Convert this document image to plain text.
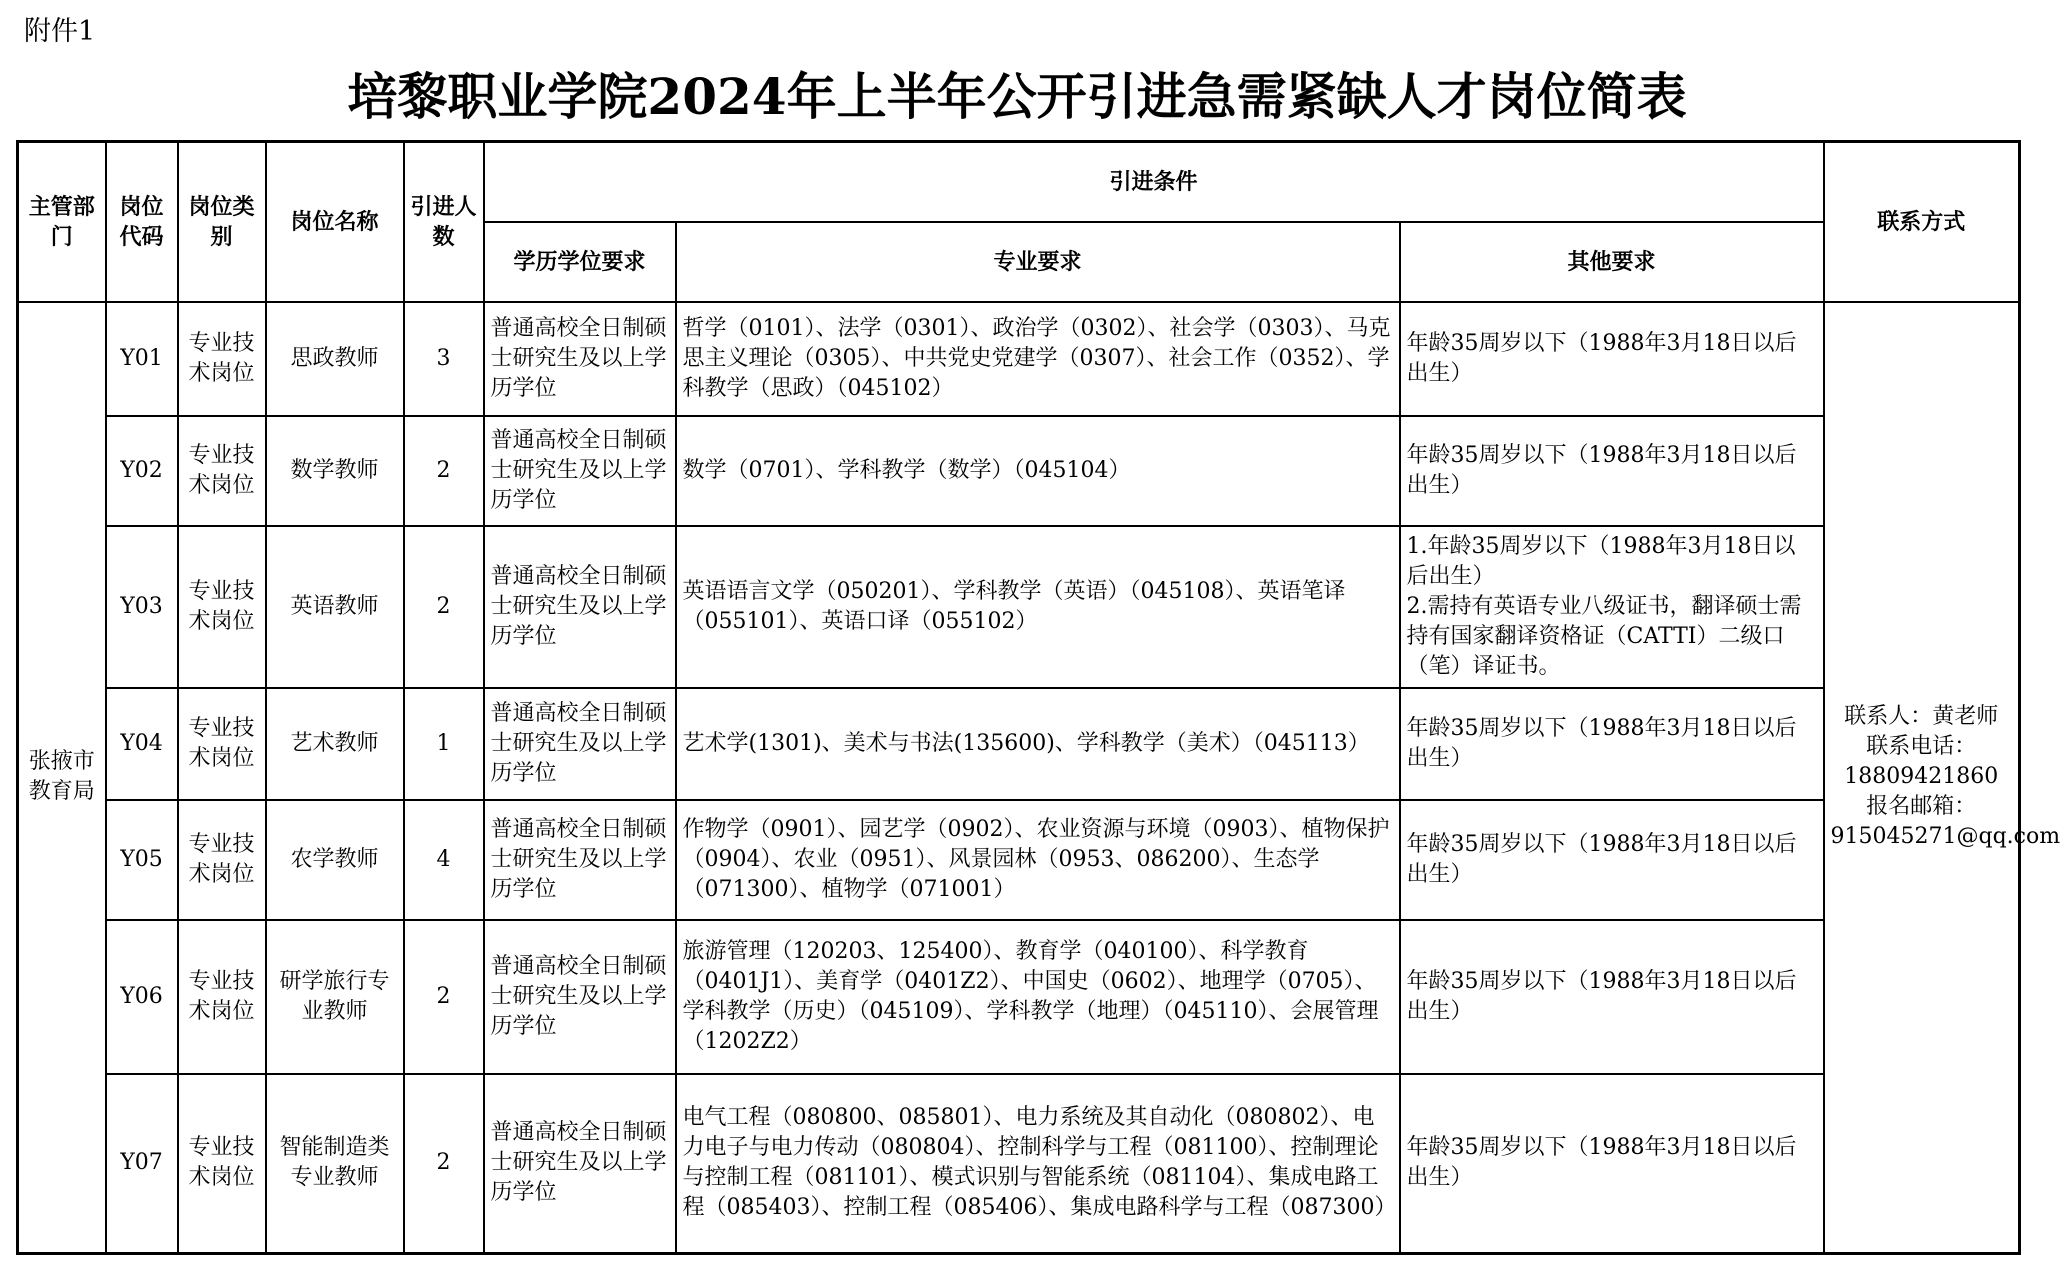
附件1
培黎职业学院2024年上半年公开引进急需紧缺人才岗位简表
主管部门	岗位代码	岗位类别	岗位名称	引进人数	引进条件			联系方式
					学历学位要求	专业要求	其他要求	
张掖市教育局	Y01	专业技术岗位	思政教师	3	普通高校全日制硕士研究生及以上学历学位	哲学（0101）、法学（0301）、政治学（0302）、社会学（0303）、马克思主义理论（0305）、中共党史党建学（0307）、社会工作（0352）、学科教学（思政）（045102）	年龄35周岁以下（1988年3月18日以后出生）	联系人：黄老师
联系电话：
18809421860
报名邮箱：
915045271@qq.com

	Y02	专业技术岗位	数学教师	2	普通高校全日制硕士研究生及以上学历学位	数学（0701）、学科教学（数学）（045104）	年龄35周岁以下（1988年3月18日以后出生）	

	Y03	专业技术岗位	英语教师	2	普通高校全日制硕士研究生及以上学历学位	英语语言文学（050201）、学科教学（英语）（045108）、英语笔译（055101）、英语口译（055102）	1.年龄35周岁以下（1988年3月18日以后出生）
2.需持有英语专业八级证书，翻译硕士需持有国家翻译资格证（CATTI）二级口（笔）译证书。	

	Y04	专业技术岗位	艺术教师	1	普通高校全日制硕士研究生及以上学历学位	艺术学(1301)、美术与书法(135600)、学科教学（美术）（045113）	年龄35周岁以下（1988年3月18日以后出生）	

	Y05	专业技术岗位	农学教师	4	普通高校全日制硕士研究生及以上学历学位	作物学（0901）、园艺学（0902）、农业资源与环境（0903）、植物保护（0904）、农业（0951）、风景园林（0953、086200）、生态学（071300）、植物学（071001）	年龄35周岁以下（1988年3月18日以后出生）	

	Y06	专业技术岗位	研学旅行专业教师	2	普通高校全日制硕士研究生及以上学历学位	旅游管理（120203、125400）、教育学（040100）、科学教育（0401J1）、美育学（0401Z2）、中国史（0602）、地理学（0705）、学科教学（历史）（045109）、学科教学（地理）（045110）、会展管理（1202Z2）	年龄35周岁以下（1988年3月18日以后出生）	

	Y07	专业技术岗位	智能制造类专业教师	2	普通高校全日制硕士研究生及以上学历学位	电气工程（080800、085801）、电力系统及其自动化（080802）、电力电子与电力传动（080804）、控制科学与工程（081100）、控制理论与控制工程（081101）、模式识别与智能系统（081104）、集成电路工程（085403）、控制工程（085406）、集成电路科学与工程（087300）	年龄35周岁以下（1988年3月18日以后出生）	
